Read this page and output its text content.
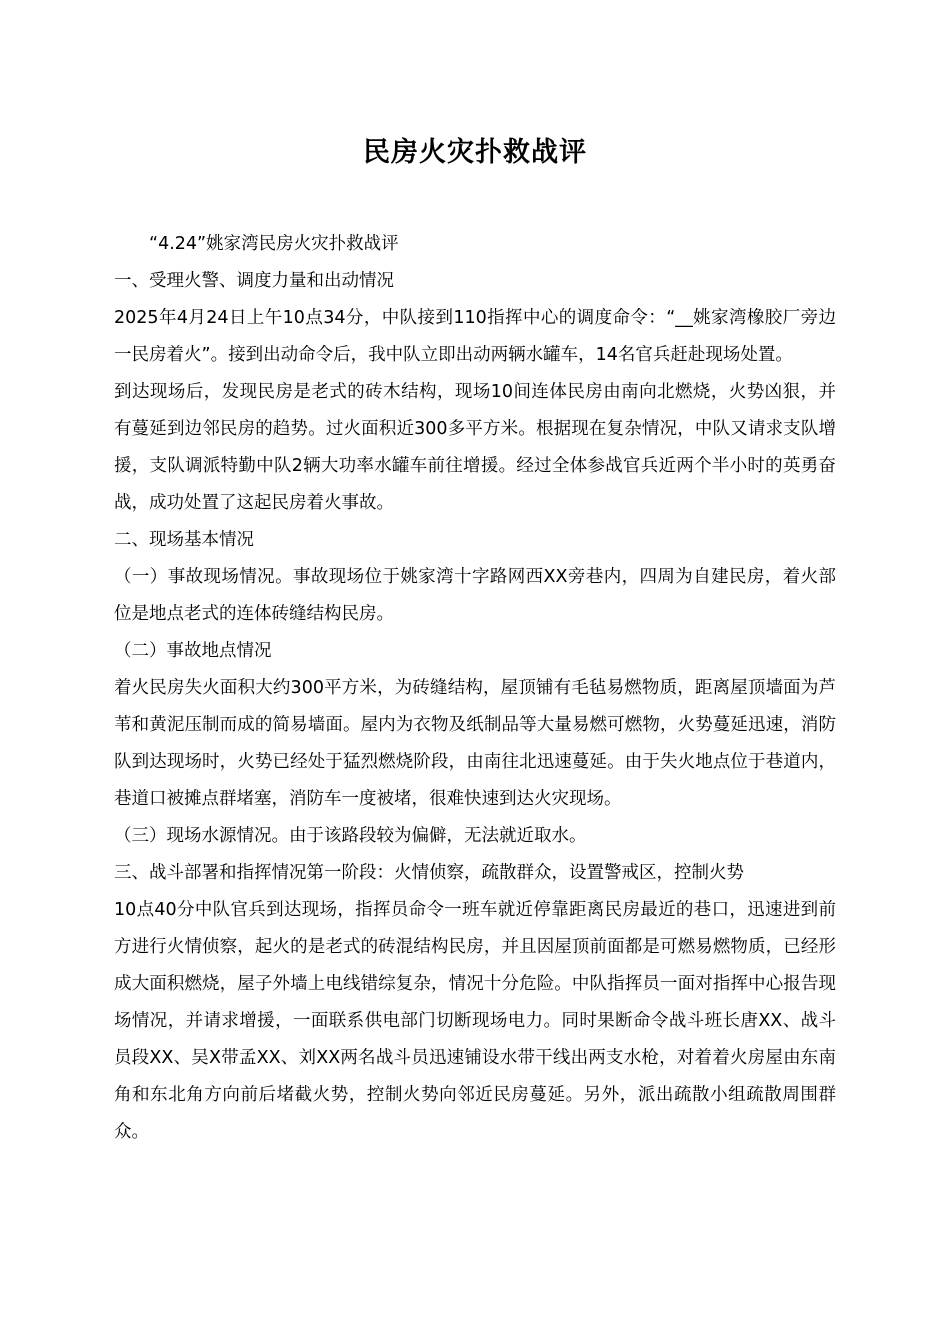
民房火灾扑救战评

“4.24”姚家湾民房火灾扑救战评

一、受理火警、调度力量和出动情况

2025年4月24日上午10点34分，中队接到110指挥中心的调度命令：“__姚家湾橡胶厂旁边一民房着火”。接到出动命令后，我中队立即出动两辆水罐车，14名官兵赶赴现场处置。

到达现场后，发现民房是老式的砖木结构，现场10间连体民房由南向北燃烧，火势凶狠，并有蔓延到边邻民房的趋势。过火面积近300多平方米。根据现在复杂情况，中队又请求支队增援，支队调派特勤中队2辆大功率水罐车前往增援。经过全体参战官兵近两个半小时的英勇奋战，成功处置了这起民房着火事故。

二、现场基本情况

（一）事故现场情况。事故现场位于姚家湾十字路网西XX旁巷内，四周为自建民房，着火部位是地点老式的连体砖缝结构民房。

（二）事故地点情况

着火民房失火面积大约300平方米，为砖缝结构，屋顶铺有毛毡易燃物质，距离屋顶墙面为芦苇和黄泥压制而成的简易墙面。屋内为衣物及纸制品等大量易燃可燃物，火势蔓延迅速，消防队到达现场时，火势已经处于猛烈燃烧阶段，由南往北迅速蔓延。由于失火地点位于巷道内，巷道口被摊点群堵塞，消防车一度被堵，很难快速到达火灾现场。

（三）现场水源情况。由于该路段较为偏僻，无法就近取水。

三、战斗部署和指挥情况第一阶段：火情侦察，疏散群众，设置警戒区，控制火势

10点40分中队官兵到达现场，指挥员命令一班车就近停靠距离民房最近的巷口，迅速进到前方进行火情侦察，起火的是老式的砖混结构民房，并且因屋顶前面都是可燃易燃物质，已经形成大面积燃烧，屋子外墙上电线错综复杂，情况十分危险。中队指挥员一面对指挥中心报告现场情况，并请求增援，一面联系供电部门切断现场电力。同时果断命令战斗班长唐XX、战斗员段XX、吴X带孟XX、刘XX两名战斗员迅速铺设水带干线出两支水枪，对着着火房屋由东南角和东北角方向前后堵截火势，控制火势向邻近民房蔓延。另外，派出疏散小组疏散周围群众。
